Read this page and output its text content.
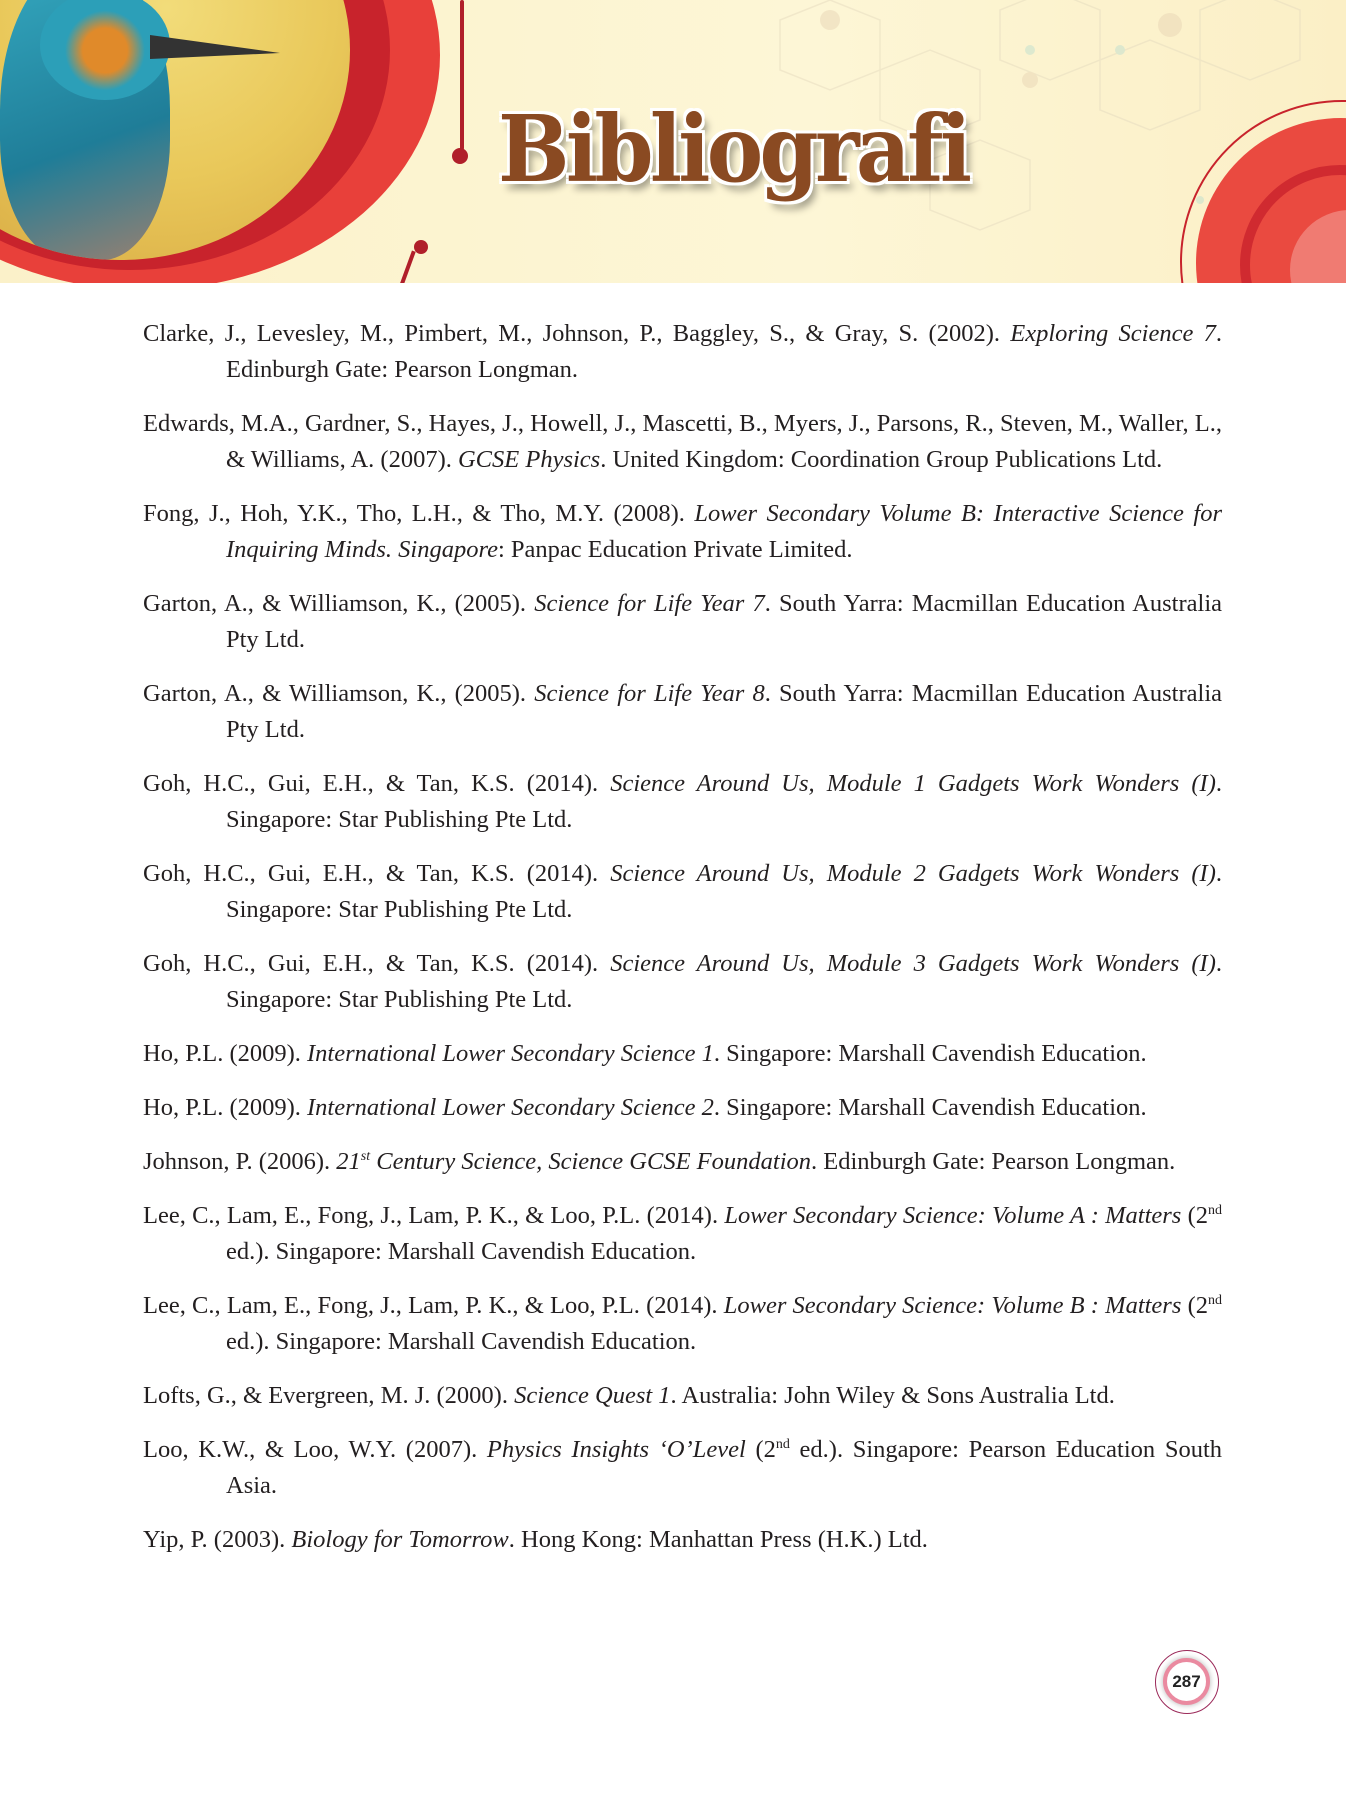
Bibliografi
Clarke, J., Levesley, M., Pimbert, M., Johnson, P., Baggley, S., & Gray, S. (2002). Exploring Science 7. Edinburgh Gate: Pearson Longman.
Edwards, M.A., Gardner, S., Hayes, J., Howell, J., Mascetti, B., Myers, J., Parsons, R., Steven, M., Waller, L., & Williams, A. (2007). GCSE Physics. United Kingdom: Coordination Group Publications Ltd.
Fong, J., Hoh, Y.K., Tho, L.H., & Tho, M.Y. (2008). Lower Secondary Volume B: Interactive Science for Inquiring Minds. Singapore: Panpac Education Private Limited.
Garton, A., & Williamson, K., (2005). Science for Life Year 7. South Yarra: Macmillan Education Australia Pty Ltd.
Garton, A., & Williamson, K., (2005). Science for Life Year 8. South Yarra: Macmillan Education Australia Pty Ltd.
Goh, H.C., Gui, E.H., & Tan, K.S. (2014). Science Around Us, Module 1 Gadgets Work Wonders (I). Singapore: Star Publishing Pte Ltd.
Goh, H.C., Gui, E.H., & Tan, K.S. (2014). Science Around Us, Module 2 Gadgets Work Wonders (I). Singapore: Star Publishing Pte Ltd.
Goh, H.C., Gui, E.H., & Tan, K.S. (2014). Science Around Us, Module 3 Gadgets Work Wonders (I). Singapore: Star Publishing Pte Ltd.
Ho, P.L. (2009). International Lower Secondary Science 1. Singapore: Marshall Cavendish Education.
Ho, P.L. (2009). International Lower Secondary Science 2. Singapore: Marshall Cavendish Education.
Johnson, P. (2006). 21st Century Science, Science GCSE Foundation. Edinburgh Gate: Pearson Longman.
Lee, C., Lam, E., Fong, J., Lam, P. K., & Loo, P.L. (2014). Lower Secondary Science: Volume A : Matters (2nd ed.). Singapore: Marshall Cavendish Education.
Lee, C., Lam, E., Fong, J., Lam, P. K., & Loo, P.L. (2014). Lower Secondary Science: Volume B : Matters (2nd ed.). Singapore: Marshall Cavendish Education.
Lofts, G., & Evergreen, M. J. (2000). Science Quest 1. Australia: John Wiley & Sons Australia Ltd.
Loo, K.W., & Loo, W.Y. (2007). Physics Insights ‘O’Level (2nd ed.). Singapore: Pearson Education South Asia.
Yip, P. (2003). Biology for Tomorrow. Hong Kong: Manhattan Press (H.K.) Ltd.
287
